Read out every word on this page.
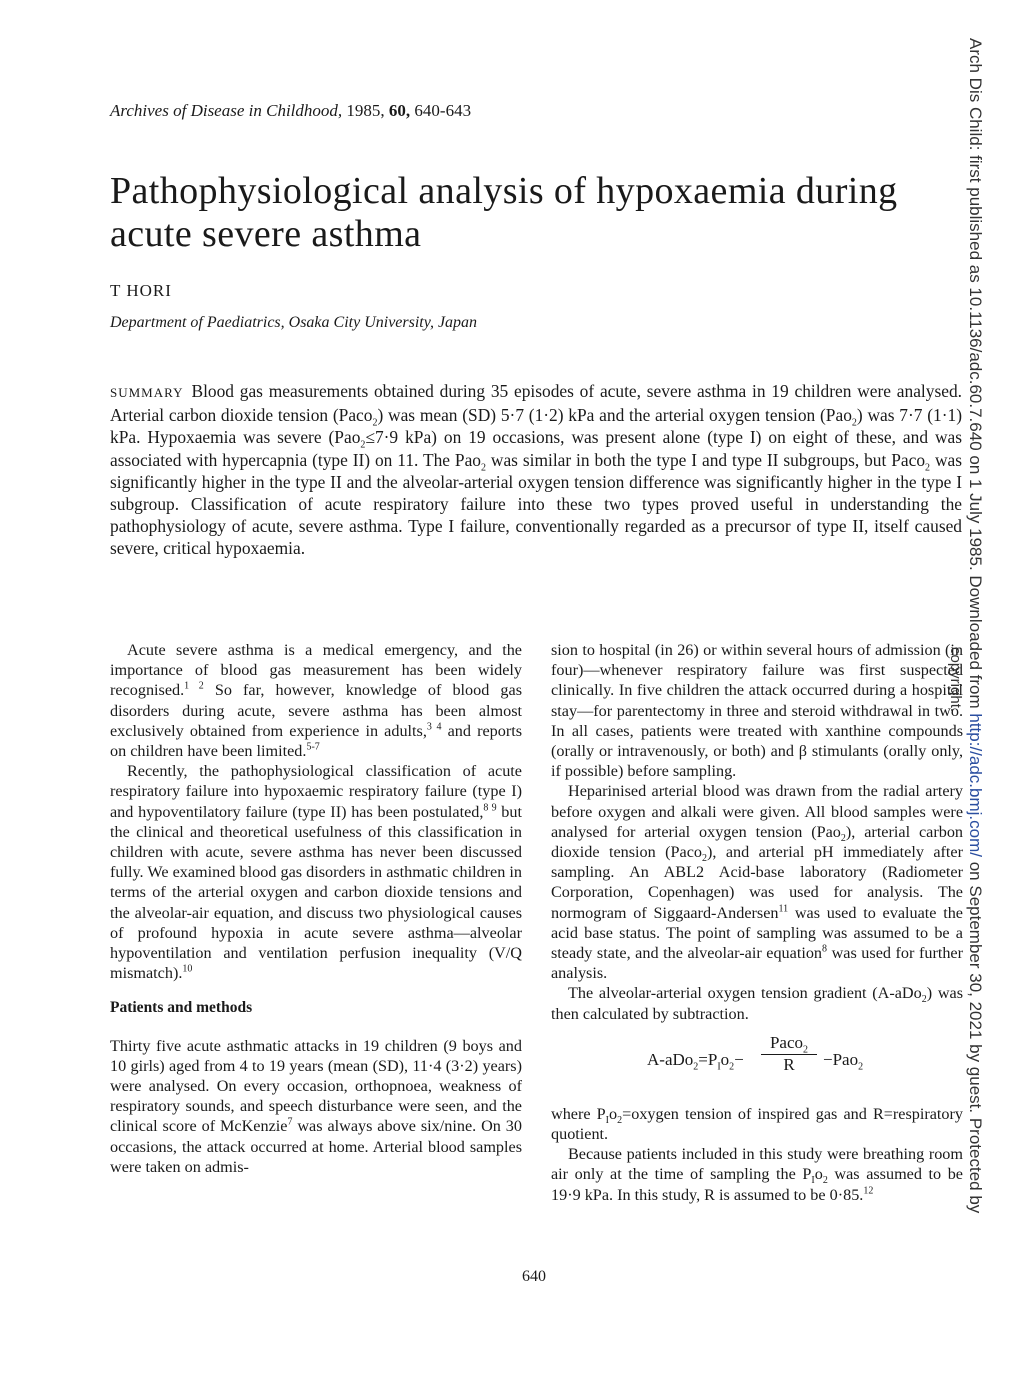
Archives of Disease in Childhood, 1985, 60, 640-643
Pathophysiological analysis of hypoxaemia during acute severe asthma
T HORI
Department of Paediatrics, Osaka City University, Japan

SUMMARY Blood gas measurements obtained during 35 episodes of acute, severe asthma in 19 children were analysed. Arterial carbon dioxide tension (Paco$_2$) was mean (SD) 5·7 (1·2) kPa and the arterial oxygen tension (Pao$_2$) was 7·7 (1·1) kPa. Hypoxaemia was severe (Pao$_2$≤7·9 kPa) on 19 occasions, was present alone (type I) on eight of these, and was associated with hypercapnia (type II) on 11. The Pao$_2$ was similar in both the type I and type II subgroups, but Paco$_2$ was significantly higher in the type II and the alveolar-arterial oxygen tension difference was significantly higher in the type I subgroup. Classification of acute respiratory failure into these two types proved useful in understanding the pathophysiology of acute, severe asthma. Type I failure, conventionally regarded as a precursor of type II, itself caused severe, critical hypoxaemia.

Acute severe asthma is a medical emergency, and the importance of blood gas measurement has been widely recognised.$^{1 2}$ So far, however, knowledge of blood gas disorders during acute, severe asthma has been almost exclusively obtained from experience in adults,$^{3 4}$ and reports on children have been limited.$^{5-7}$

Recently, the pathophysiological classification of acute respiratory failure into hypoxaemic respiratory failure (type I) and hypoventilatory failure (type II) has been postulated,$^{8 9}$ but the clinical and theoretical usefulness of this classification in children with acute, severe asthma has never been discussed fully. We examined blood gas disorders in asthmatic children in terms of the arterial oxygen and carbon dioxide tensions and the alveolar-air equation, and discuss two physiological causes of profound hypoxia in acute severe asthma—alveolar hypoventilation and ventilation perfusion inequality (V/Q mismatch).$^{10}$

Patients and methods

Thirty five acute asthmatic attacks in 19 children (9 boys and 10 girls) aged from 4 to 19 years (mean (SD), 11·4 (3·2) years) were analysed. On every occasion, orthopnoea, weakness of respiratory sounds, and speech disturbance were seen, and the clinical score of McKenzie$^7$ was always above six/nine. On 30 occasions, the attack occurred at home. Arterial blood samples were taken on admis-

sion to hospital (in 26) or within several hours of admission (in four)—whenever respiratory failure was first suspected clinically. In five children the attack occurred during a hospital stay—for parentectomy in three and steroid withdrawal in two. In all cases, patients were treated with xanthine compounds (orally or intravenously, or both) and β stimulants (orally only, if possible) before sampling.

Heparinised arterial blood was drawn from the radial artery before oxygen and alkali were given. All blood samples were analysed for arterial oxygen tension (Pao$_2$), arterial carbon dioxide tension (Paco$_2$), and arterial pH immediately after sampling. An ABL2 Acid-base laboratory (Radiometer Corporation, Copenhagen) was used for analysis. The normogram of Siggaard-Andersen$^{11}$ was used to evaluate the acid base status. The point of sampling was assumed to be a steady state, and the alveolar-air equation$^8$ was used for further analysis.

The alveolar-arterial oxygen tension gradient (A-aDo$_2$) was then calculated by subtraction.

$A-aDo_2=P_Io_2-$
Paco$_2$
R	−Pao$_2$

where $P_Io_2=oxygen$ tension of inspired gas and R=respiratory quotient.

Because patients included in this study were breathing room air only at the time of sampling the $P_Io_2$ was assumed to be 19·9 kPa. In this study, R is assumed to be 0·85.12

640
Arch Dis Child: first published as 10.1136/adc.60.7.640 on 1 July 1985. Downloaded from http://adc.bmj.com/ on September 30, 2021 by guest. Protected by
copyright.
